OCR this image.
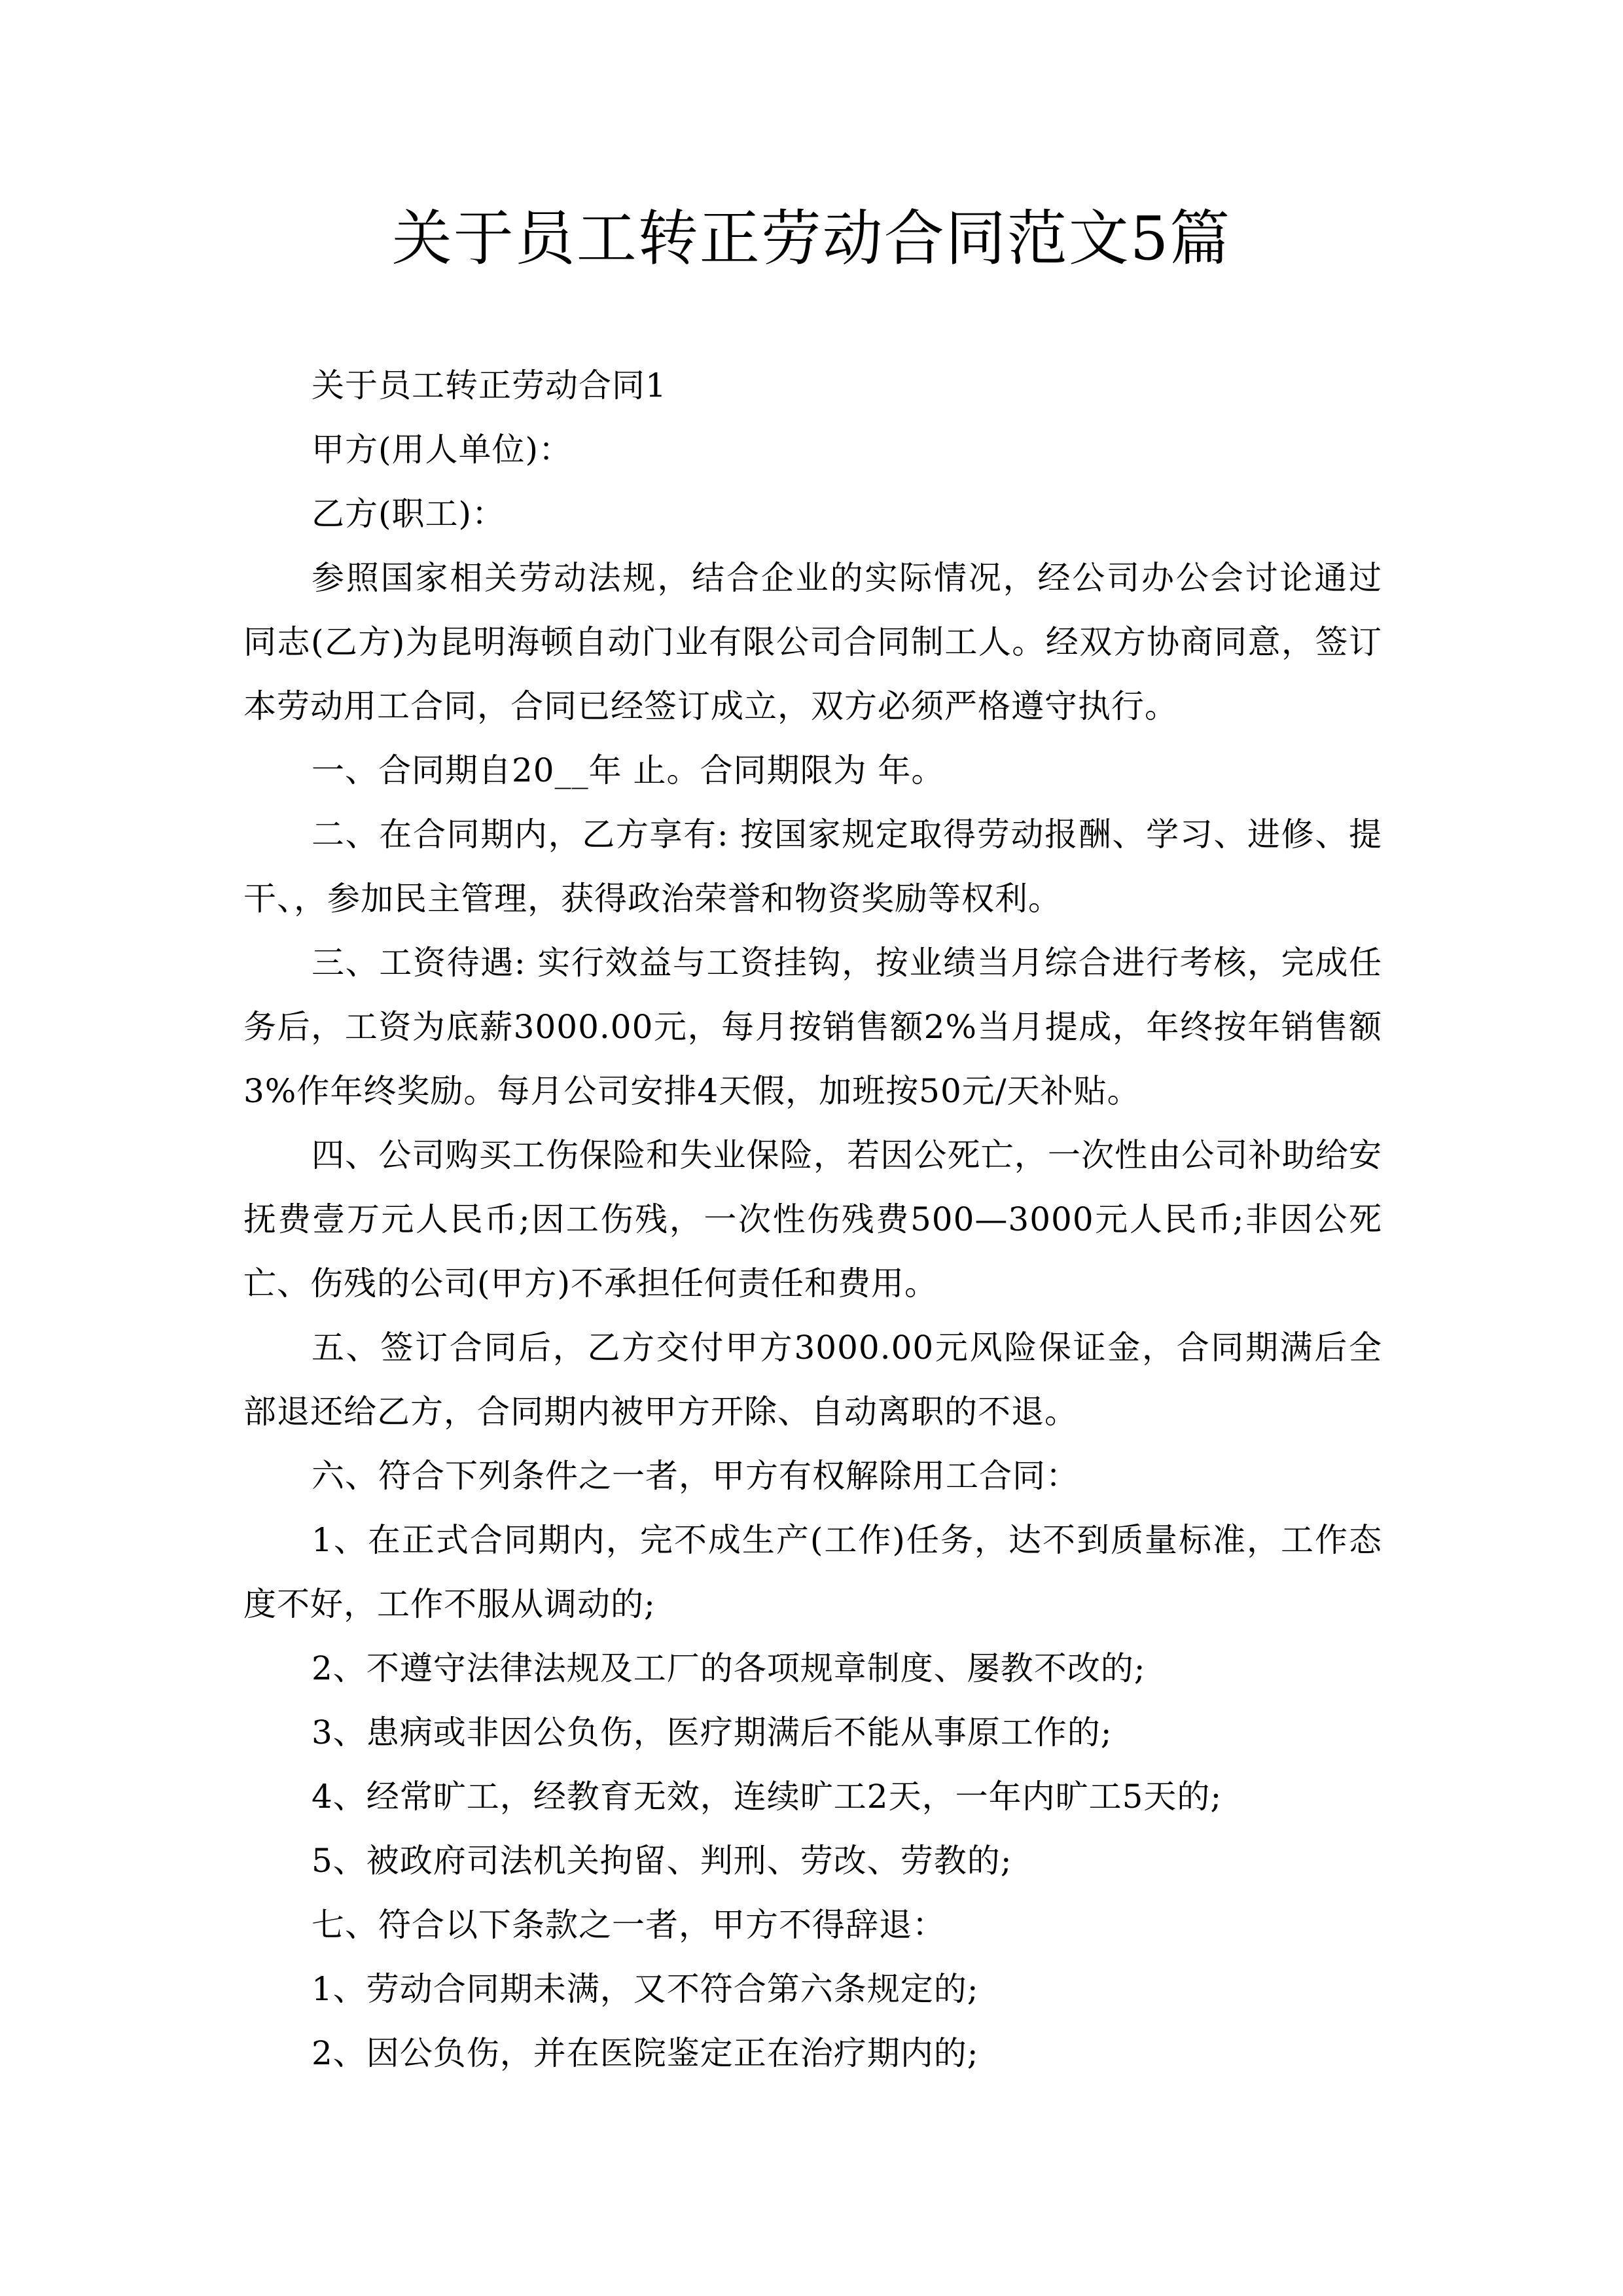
关于员工转正劳动合同范文5篇

关于员工转正劳动合同1

甲方(用人单位)：

乙方(职工)：

参照国家相关劳动法规，结合企业的实际情况，经公司办公会讨论通过 同志(乙方)为昆明海顿自动门业有限公司合同制工人。经双方协商同意，签订本劳动用工合同，合同已经签订成立，双方必须严格遵守执行。

一、合同期自20__年 止。合同期限为 年。

二、在合同期内，乙方享有: 按国家规定取得劳动报酬、学习、进修、提干、，参加民主管理，获得政治荣誉和物资奖励等权利。

三、工资待遇: 实行效益与工资挂钩，按业绩当月综合进行考核，完成任务后，工资为底薪3000.00元，每月按销售额2%当月提成，年终按年销售额3%作年终奖励。每月公司安排4天假，加班按50元/天补贴。

四、公司购买工伤保险和失业保险，若因公死亡，一次性由公司补助给安抚费壹万元人民币;因工伤残，一次性伤残费500—3000元人民币;非因公死亡、伤残的公司(甲方)不承担任何责任和费用。

五、签订合同后，乙方交付甲方3000.00元风险保证金，合同期满后全部退还给乙方，合同期内被甲方开除、自动离职的不退。

六、符合下列条件之一者，甲方有权解除用工合同：

1、在正式合同期内，完不成生产(工作)任务，达不到质量标准，工作态度不好，工作不服从调动的;

2、不遵守法律法规及工厂的各项规章制度、屡教不改的;

3、患病或非因公负伤，医疗期满后不能从事原工作的;

4、经常旷工，经教育无效，连续旷工2天，一年内旷工5天的;

5、被政府司法机关拘留、判刑、劳改、劳教的;

七、符合以下条款之一者，甲方不得辞退：

1、劳动合同期未满，又不符合第六条规定的;

2、因公负伤，并在医院鉴定正在治疗期内的;
